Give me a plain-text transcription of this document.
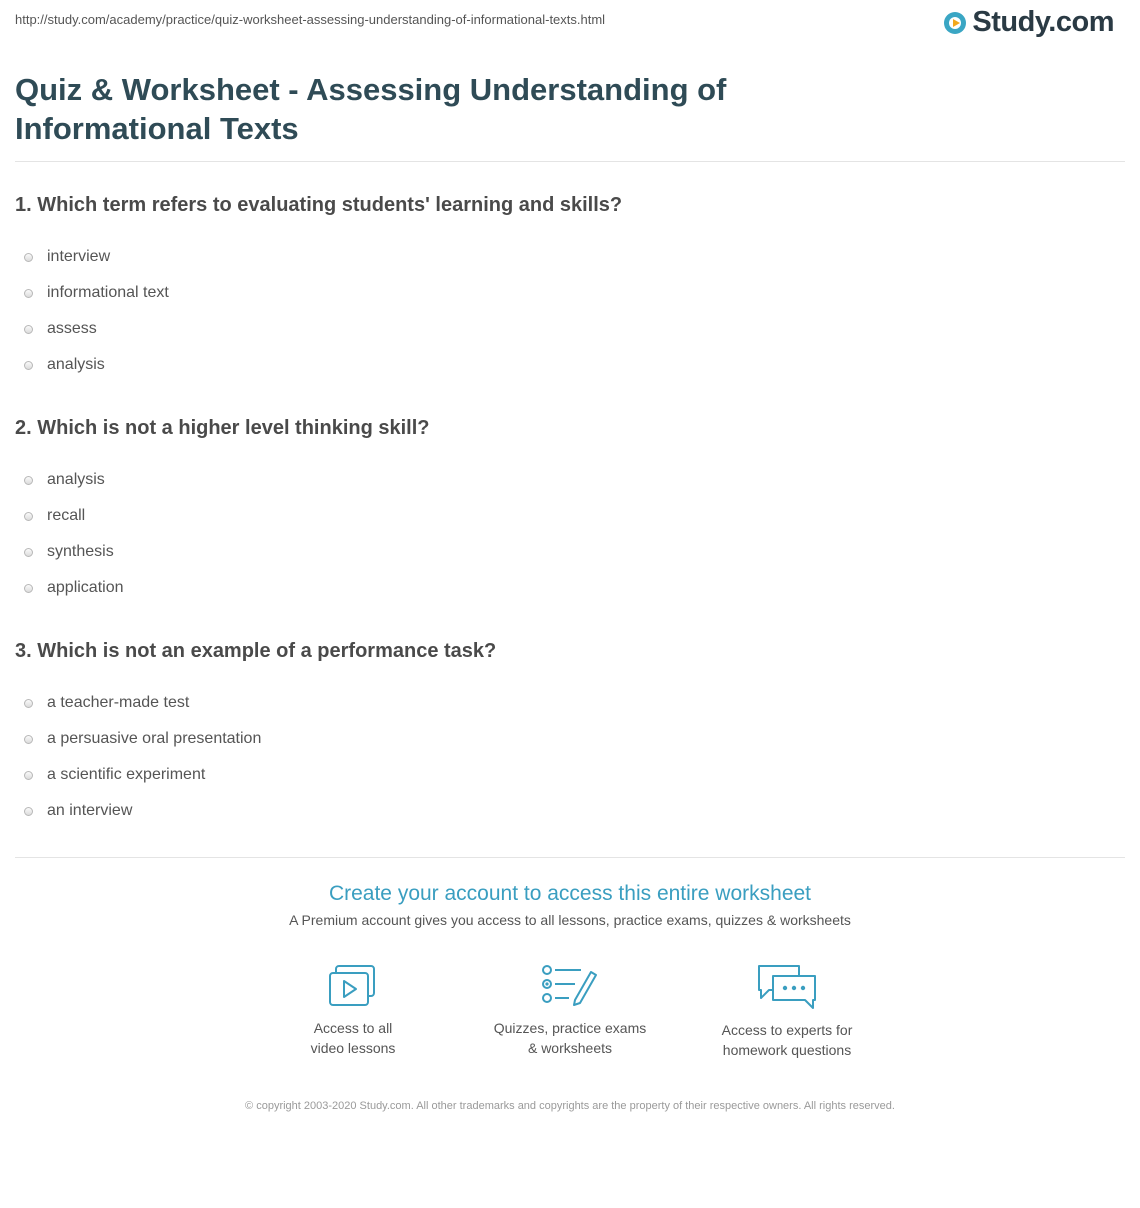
http://study.com/academy/practice/quiz-worksheet-assessing-understanding-of-informational-texts.html	Study.com
Quiz & Worksheet - Assessing Understanding of Informational Texts
1. Which term refers to evaluating students' learning and skills?
interview
informational text
assess
analysis
2. Which is not a higher level thinking skill?
analysis
recall
synthesis
application
3. Which is not an example of a performance task?
a teacher-made test
a persuasive oral presentation
a scientific experiment
an interview
Create your account to access this entire worksheet
A Premium account gives you access to all lessons, practice exams, quizzes & worksheets
Access to all
video lessons
Quizzes, practice exams
& worksheets
Access to experts for
homework questions
© copyright 2003-2020 Study.com. All other trademarks and copyrights are the property of their respective owners. All rights reserved.
